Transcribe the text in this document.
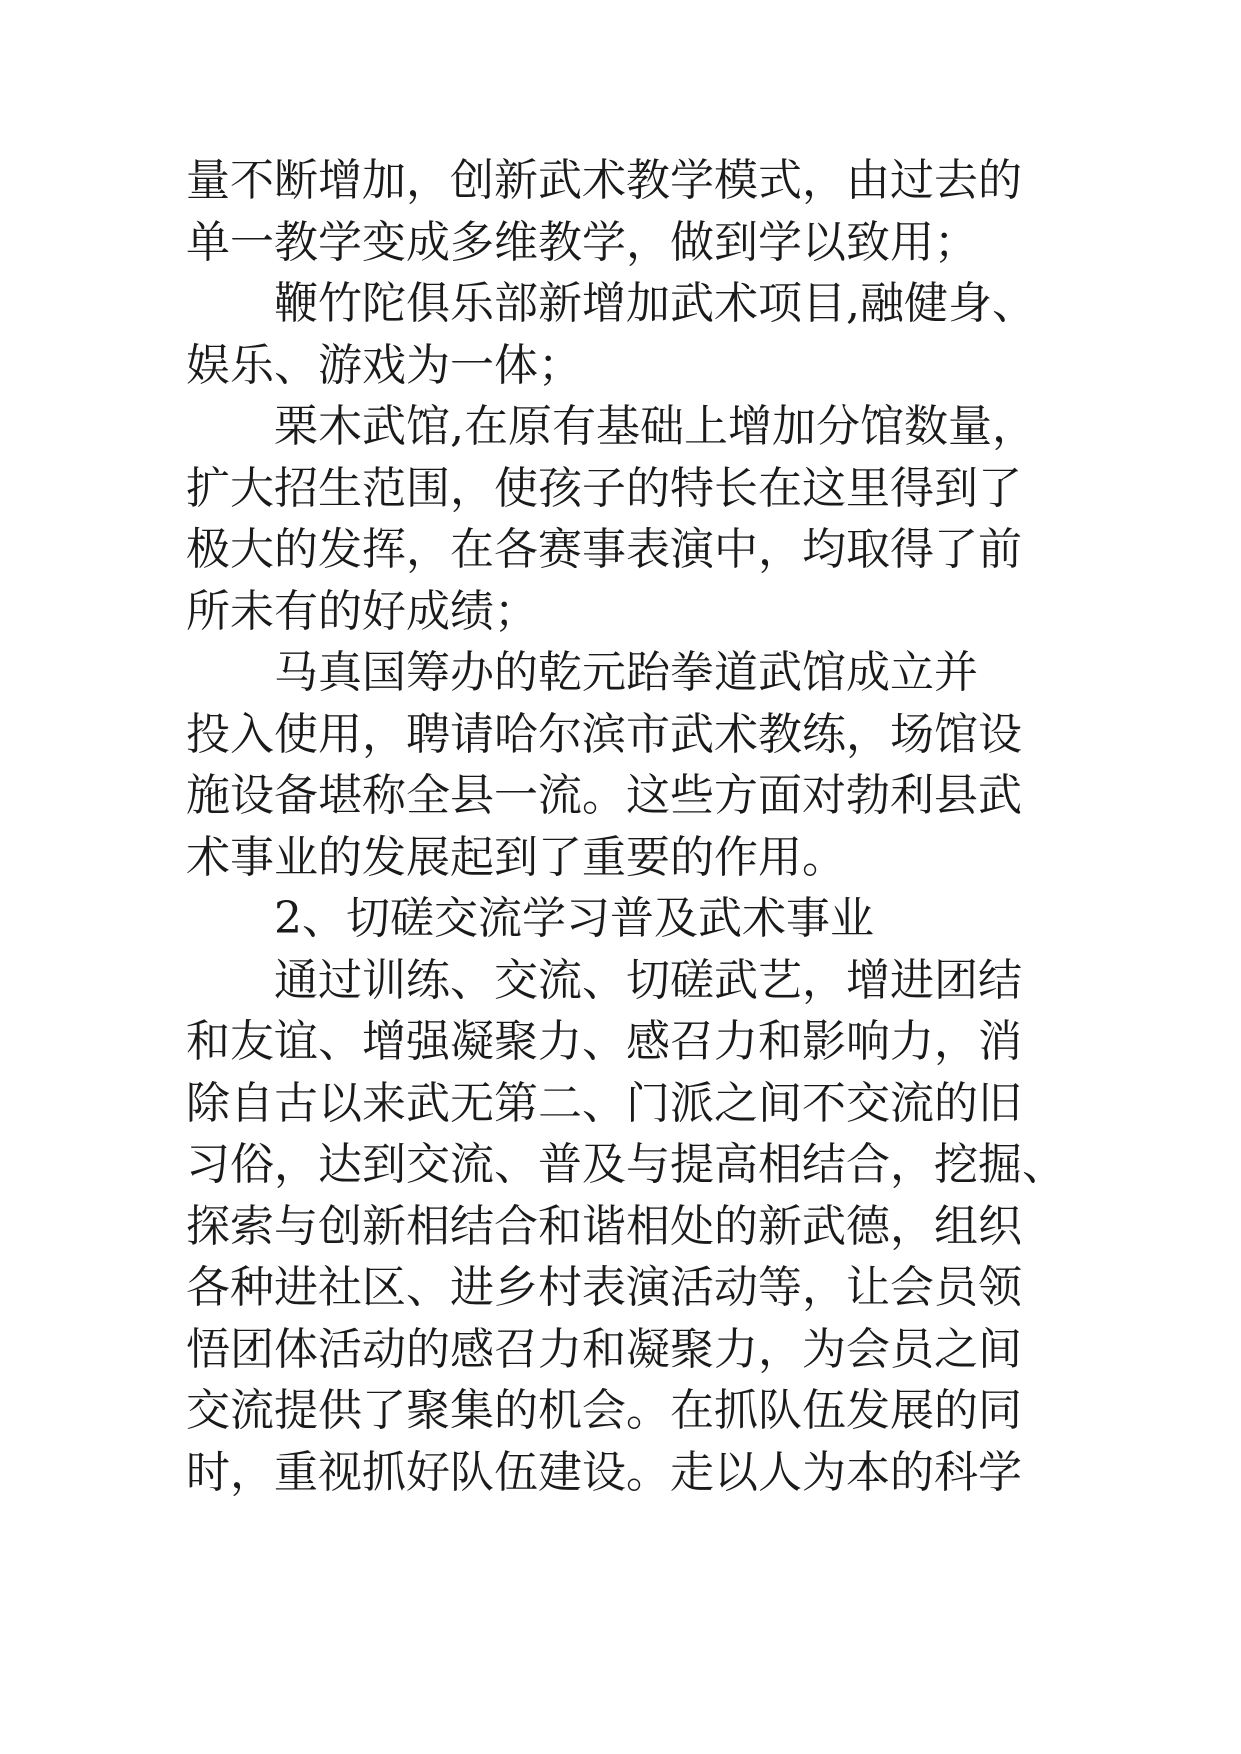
量不断增加，创新武术教学模式，由过去的
单一教学变成多维教学，做到学以致用；
鞭竹陀俱乐部新增加武术项目,融健身、
娱乐、游戏为一体；
栗木武馆,在原有基础上增加分馆数量，
扩大招生范围，使孩子的特长在这里得到了
极大的发挥，在各赛事表演中，均取得了前
所未有的好成绩；
马真国筹办的乾元跆拳道武馆成立并
投入使用，聘请哈尔滨市武术教练，场馆设
施设备堪称全县一流。这些方面对勃利县武
术事业的发展起到了重要的作用。
2、切磋交流学习普及武术事业
通过训练、交流、切磋武艺，增进团结
和友谊、增强凝聚力、感召力和影响力，消
除自古以来武无第二、门派之间不交流的旧
习俗，达到交流、普及与提高相结合，挖掘、
探索与创新相结合和谐相处的新武德，组织
各种进社区、进乡村表演活动等，让会员领
悟团体活动的感召力和凝聚力，为会员之间
交流提供了聚集的机会。在抓队伍发展的同
时，重视抓好队伍建设。走以人为本的科学
